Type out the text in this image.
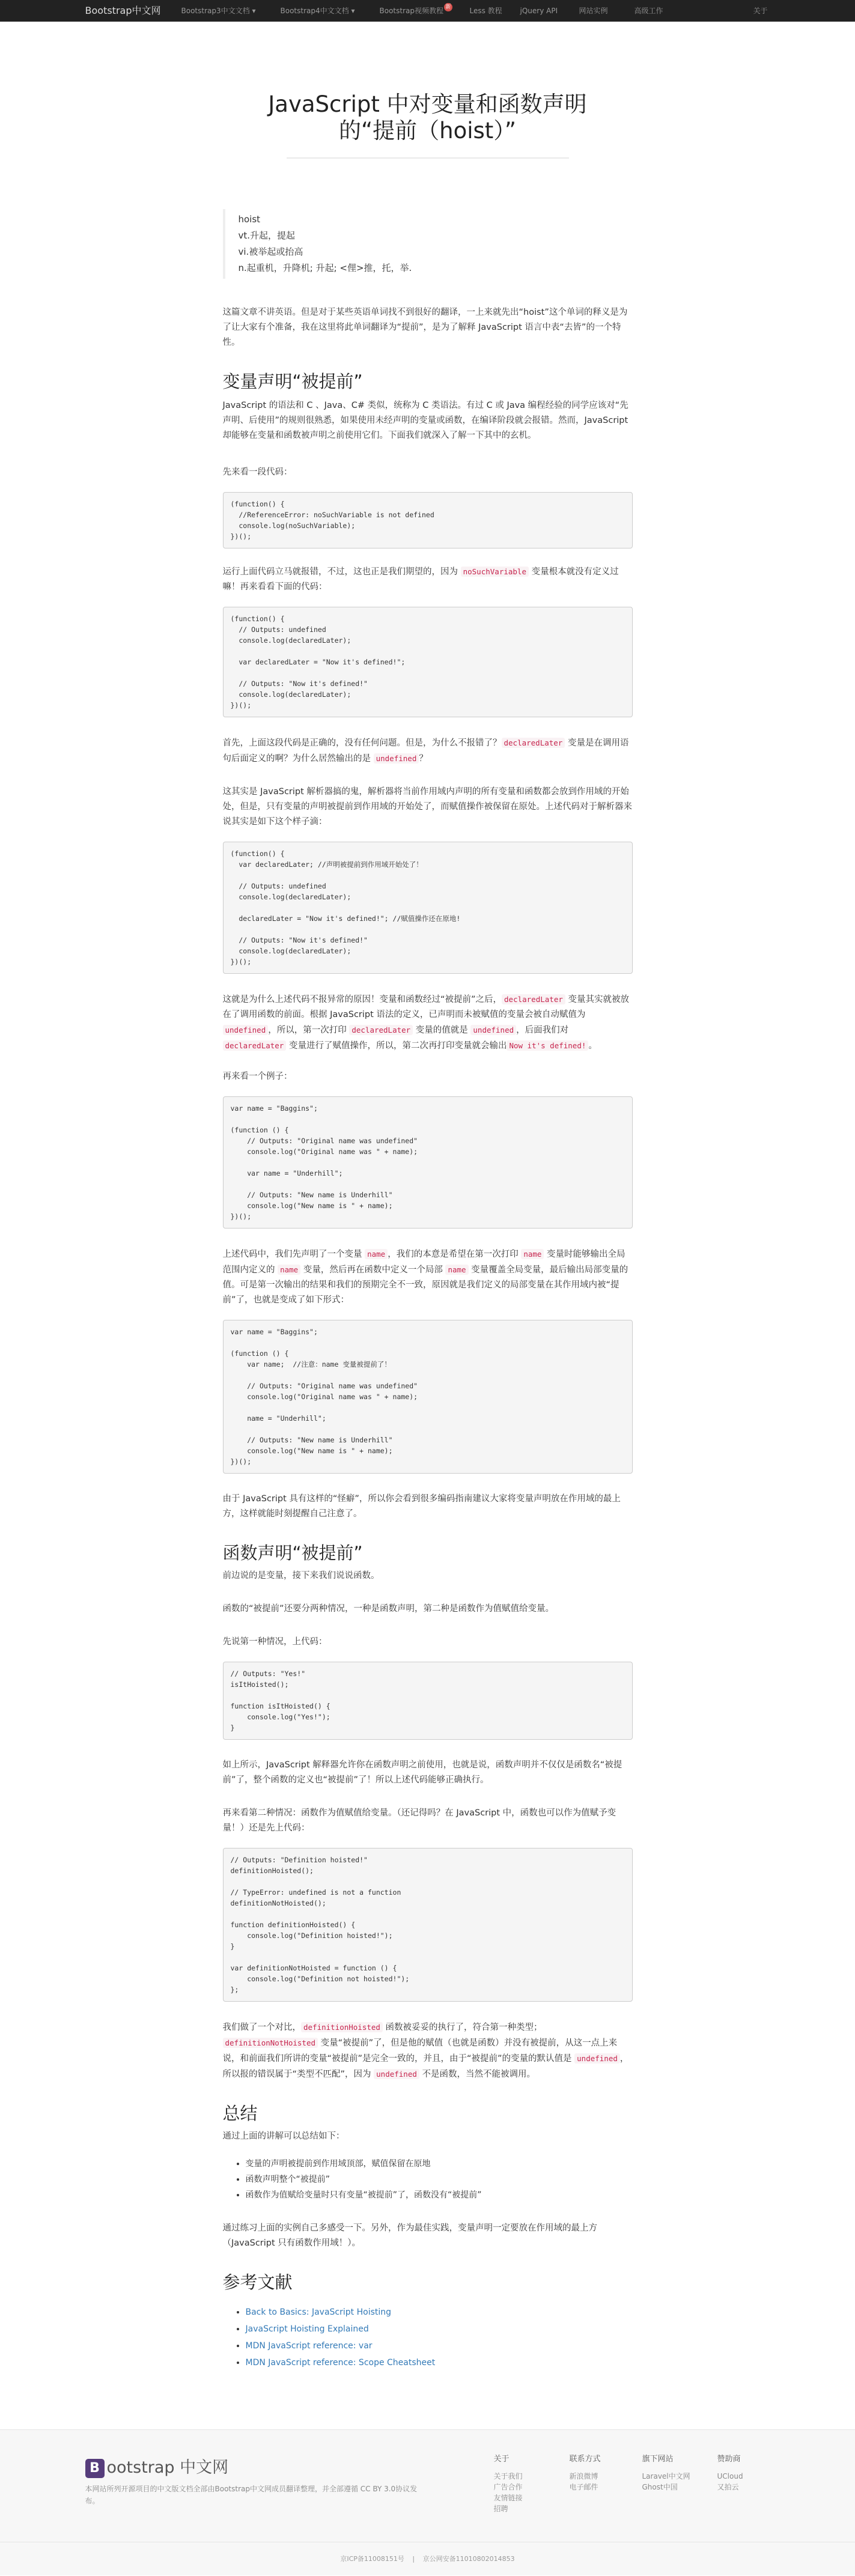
Bootstrap中文网	Bootstrap3中文文档 ▾	Bootstrap4中文文档 ▾	Bootstrap视频教程 新	Less 教程 jQuery API	网站实例	高级工作	关于
JavaScript 中对变量和函数声明
的“提前（hoist）”
hoist
vt.升起，提起
vi.被举起或抬高
n.起重机，升降机; 升起; <俚>推，托，举.

这篇文章不讲英语。但是对于某些英语单词找不到很好的翻译，一上来就先出“hoist”这个单词的释义是为了让大家有个准备，我在这里将此单词翻译为“提前”，是为了解释 JavaScript 语言中表“去皆”的一个特性。

变量声明“被提前”

JavaScript 的语法和 C 、Java、C# 类似，统称为 C 类语法。有过 C 或 Java 编程经验的同学应该对“先声明、后使用”的规则很熟悉，如果使用未经声明的变量或函数，在编译阶段就会报错。然而，JavaScript 却能够在变量和函数被声明之前使用它们。下面我们就深入了解一下其中的玄机。

先来看一段代码：

(function() {
//ReferenceError: noSuchVariable is not defined
console.log(noSuchVariable);
})();

运行上面代码立马就报错，不过，这也正是我们期望的，因为 noSuchVariable 变量根本就没有定义过嘛！再来看看下面的代码：

(function() {
// Outputs: undefined
console.log(declaredLater);

var declaredLater = "Now it's defined!";

// Outputs: "Now it's defined!"
console.log(declaredLater);
})();

首先，上面这段代码是正确的，没有任何问题。但是，为什么不报错了？ declaredLater 变量是在调用语句后面定义的啊？为什么居然输出的是 undefined ？

这其实是 JavaScript 解析器搞的鬼，解析器将当前作用域内声明的所有变量和函数都会放到作用域的开始处，但是，只有变量的声明被提前到作用域的开始处了，而赋值操作被保留在原处。上述代码对于解析器来说其实是如下这个样子滴：

(function() {
var declaredLater; //声明被提前到作用域开始处了！

// Outputs: undefined
console.log(declaredLater);

declaredLater = "Now it's defined!"; //赋值操作还在原地!

// Outputs: "Now it's defined!"
console.log(declaredLater);
})();

这就是为什么上述代码不报异常的原因！变量和函数经过“被提前”之后， declaredLater 变量其实就被放在了调用函数的前面。根据 JavaScript 语法的定义，已声明而未被赋值的变量会被自动赋值为 undefined ，所以，第一次打印 declaredLater 变量的值就是 undefined ，后面我们对 declaredLater 变量进行了赋值操作，所以，第二次再打印变量就会输出 Now it's defined! 。

再来看一个例子：

var name = "Baggins";

(function () {
// Outputs: "Original name was undefined"
console.log("Original name was " + name);

var name = "Underhill";

// Outputs: "New name is Underhill"
console.log("New name is " + name);
})();

上述代码中，我们先声明了一个变量 name ，我们的本意是希望在第一次打印 name 变量时能够输出全局范围内定义的 name 变量，然后再在函数中定义一个局部 name 变量覆盖全局变量，最后输出局部变量的值。可是第一次输出的结果和我们的预期完全不一致，原因就是我们定义的局部变量在其作用域内被“提前”了，也就是变成了如下形式：

var name = "Baggins";

(function () {
var name;  //注意：name 变量被提前了！

// Outputs: "Original name was undefined"
console.log("Original name was " + name);

name = "Underhill";

// Outputs: "New name is Underhill"
console.log("New name is " + name);
})();

由于 JavaScript 具有这样的“怪癖”，所以你会看到很多编码指南建议大家将变量声明放在作用域的最上方，这样就能时刻提醒自己注意了。

函数声明“被提前”

前边说的是变量，接下来我们说说函数。

函数的“被提前”还要分两种情况，一种是函数声明，第二种是函数作为值赋值给变量。

先说第一种情况，上代码：

// Outputs: "Yes!"
isItHoisted();

function isItHoisted() {
console.log("Yes!");
}

如上所示，JavaScript 解释器允许你在函数声明之前使用，也就是说，函数声明并不仅仅是函数名“被提前”了，整个函数的定义也“被提前”了！所以上述代码能够正确执行。

再来看第二种情况：函数作为值赋值给变量。（还记得吗？在 JavaScript 中，函数也可以作为值赋予变量！）还是先上代码：

// Outputs: "Definition hoisted!"
definitionHoisted();

// TypeError: undefined is not a function
definitionNotHoisted();

function definitionHoisted() {
console.log("Definition hoisted!");
}

var definitionNotHoisted = function () {
console.log("Definition not hoisted!");
};

我们做了一个对比， definitionHoisted 函数被妥妥的执行了，符合第一种类型；definitionNotHoisted 变量“被提前”了，但是他的赋值（也就是函数）并没有被提前，从这一点上来说，和前面我们所讲的变量“被提前”是完全一致的，并且，由于“被提前”的变量的默认值是 undefined ，所以报的错误属于“类型不匹配”，因为 undefined 不是函数，当然不能被调用。

总结

通过上面的讲解可以总结如下：

• 变量的声明被提前到作用域顶部，赋值保留在原地
• 函数声明整个“被提前”
• 函数作为值赋给变量时只有变量“被提前”了，函数没有“被提前”

通过练习上面的实例自己多感受一下。另外，作为最佳实践，变量声明一定要放在作用域的最上方（JavaScript 只有函数作用域！）。

参考文献
• Back to Basics: JavaScript Hoisting
• JavaScript Hoisting Explained
• MDN JavaScript reference: var
• MDN JavaScript reference: Scope Cheatsheet
B ootstrap 中文网
本网站所列开源项目的中文版文档全部由Bootstrap中文网成员翻译整理，并全部遵循 CC BY 3.0协议发布。
关于
关于我们
广告合作
友情链接
招聘
联系方式
新浪微博
电子邮件
旗下网站
Laravel中文网
Ghost中国
赞助商
UCloud
又拍云
京ICP备11008151号 | 京公网安备11010802014853
